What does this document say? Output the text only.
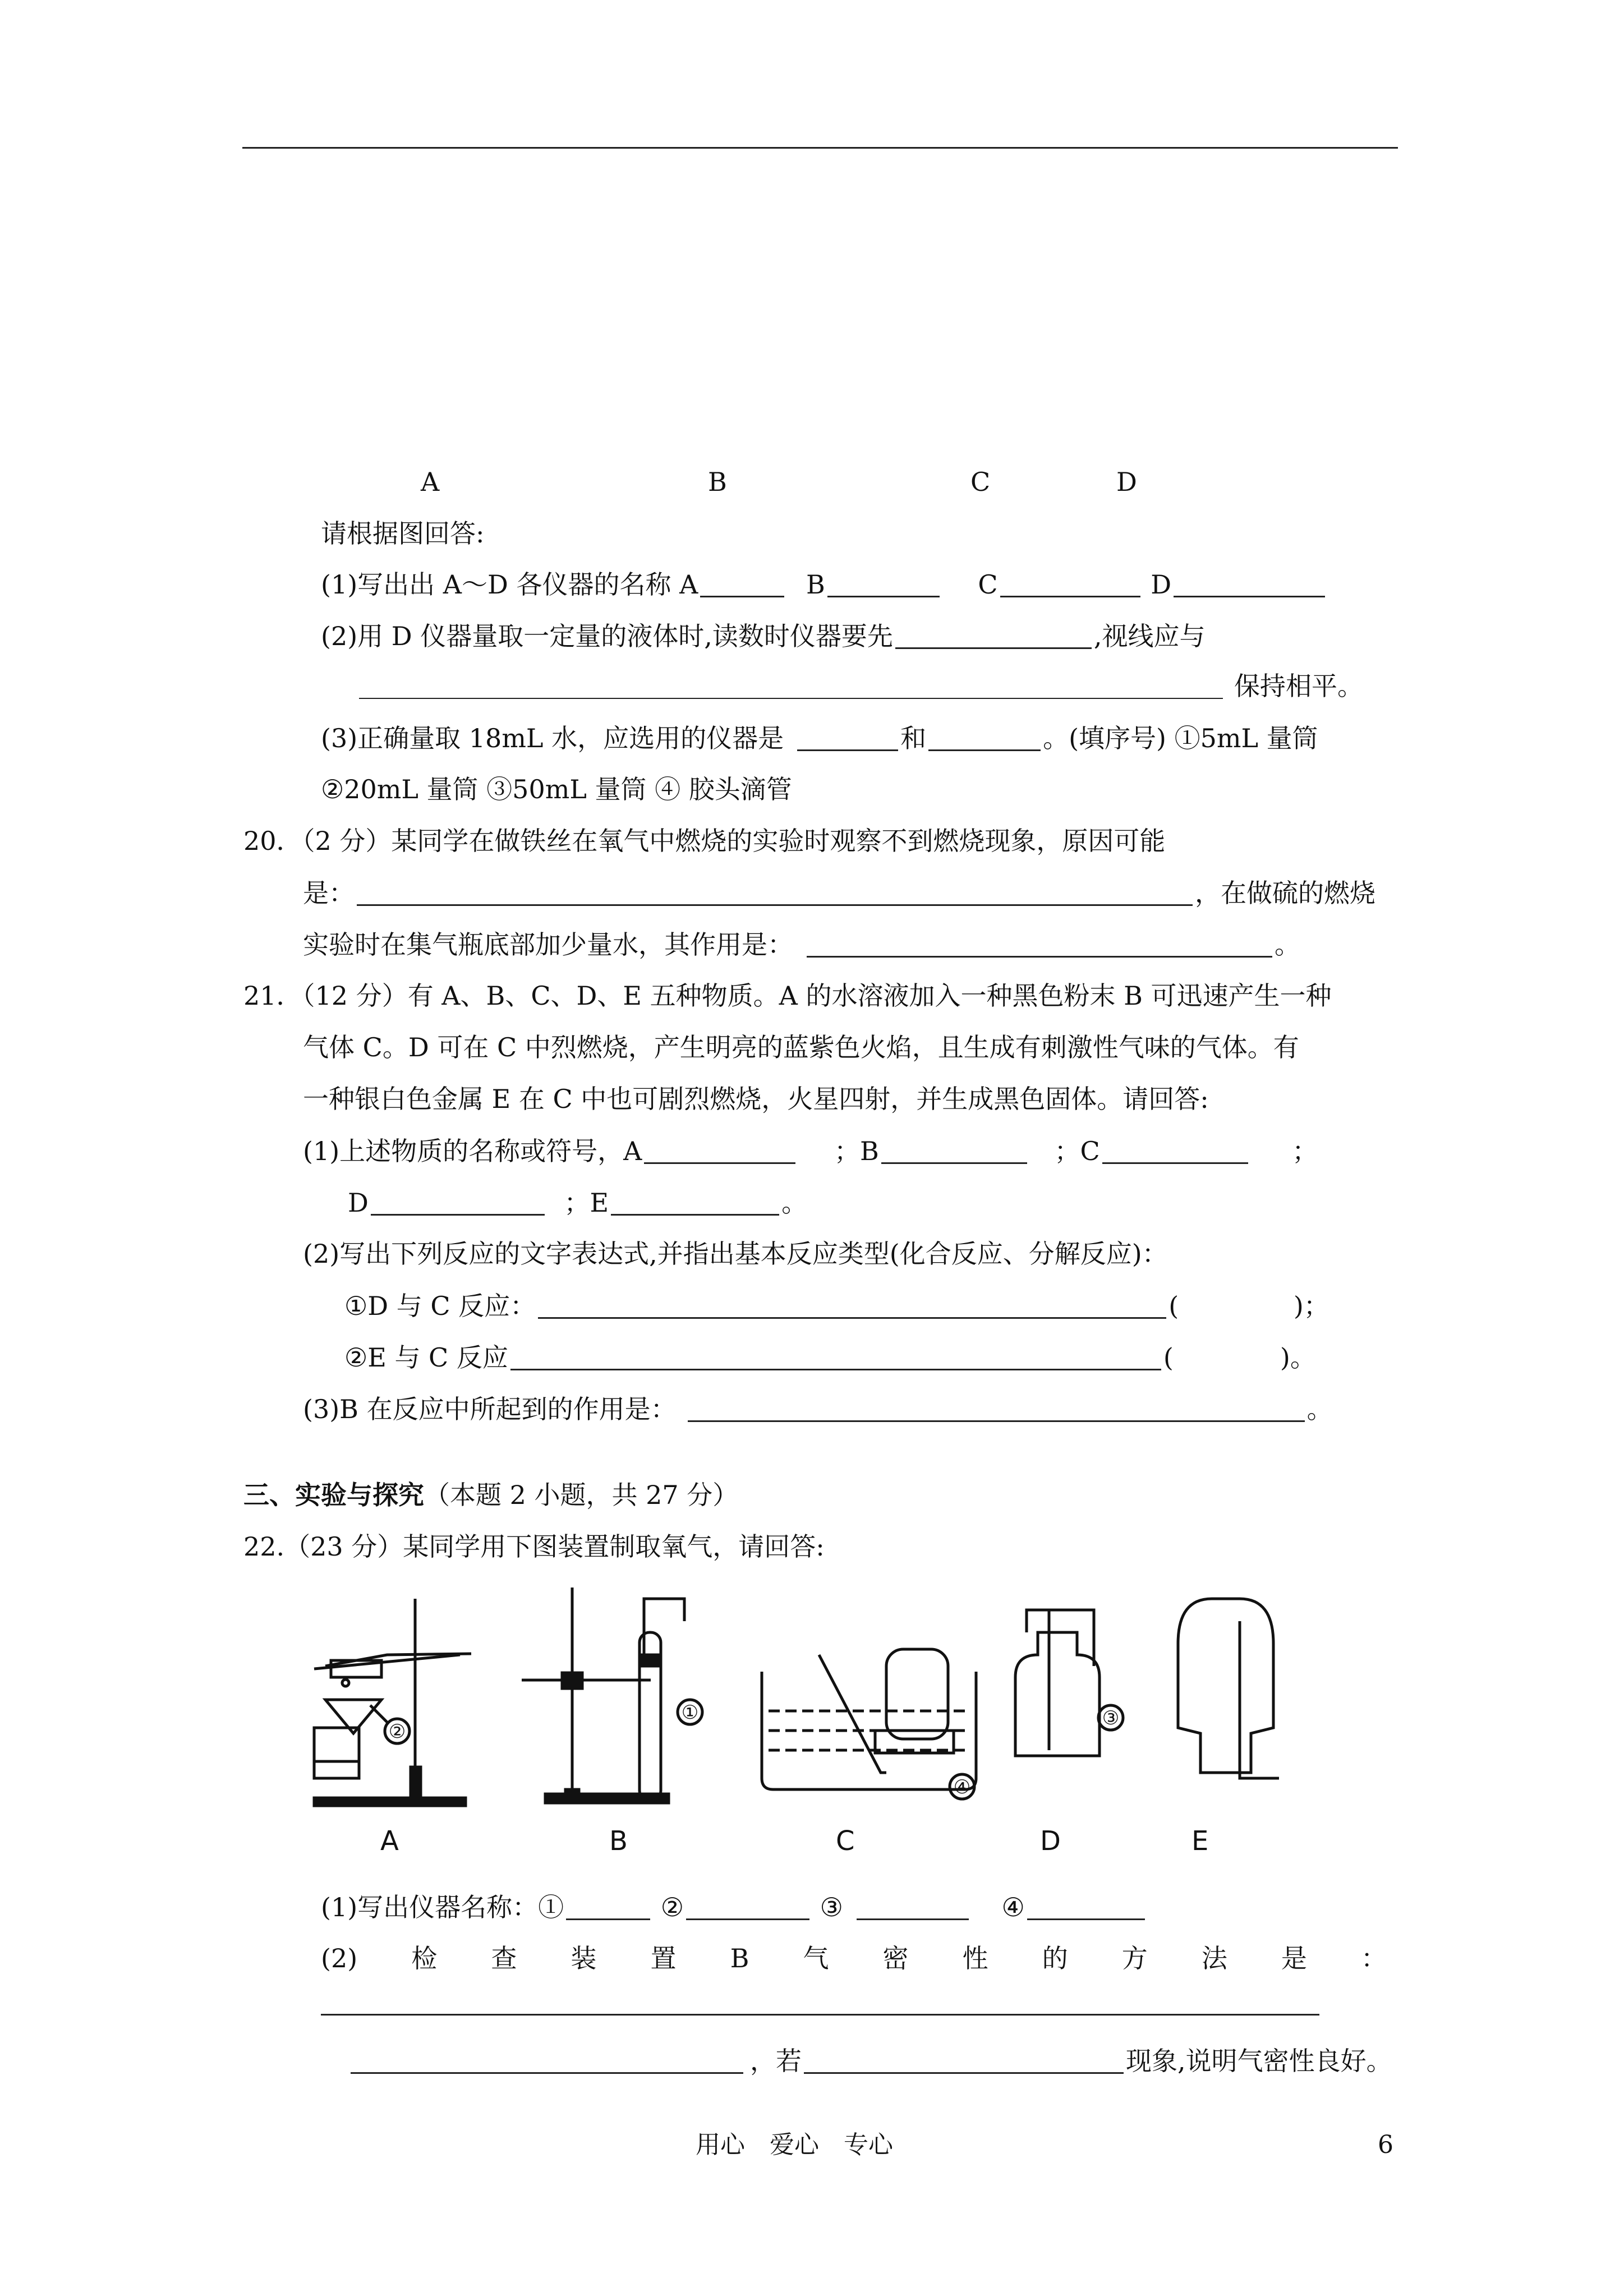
A	B	C	D
请根据图回答:
(1)写出出 A～D 各仪器的名称 A	B	C	D
(2)用 D 仪器量取一定量的液体时,读数时仪器要先	,视线应与
保持相平。
(3)正确量取 18mL 水，应选用的仪器是	和	。(填序号) ①5mL 量筒
②20mL 量筒 ③50mL 量筒 ④ 胶头滴管
20．（2 分）某同学在做铁丝在氧气中燃烧的实验时观察不到燃烧现象，原因可能
是：	，在做硫的燃烧
实验时在集气瓶底部加少量水，其作用是：	。
21．（12 分）有 A、B、C、D、E 五种物质。A 的水溶液加入一种黑色粉末 B 可迅速产生一种
气体 C。D 可在 C 中烈燃烧，产生明亮的蓝紫色火焰，且生成有刺激性气味的气体。有
一种银白色金属 E 在 C 中也可剧烈燃烧，火星四射，并生成黑色固体。请回答:
(1)上述物质的名称或符号，A	；B	；C	；
D	；E	。
(2)写出下列反应的文字表达式,并指出基本反应类型(化合反应、分解反应)：
①D 与 C 反应：	(              )；
②E 与 C 反应	(             )。
(3)B 在反应中所起到的作用是：	。
三、实验与探究（本题 2 小题，共 27 分）
22.（23 分）某同学用下图装置制取氧气，请回答:
②
①
④
③
A	B	C	D	E
(1)写出仪器名称：①	②	③	④
(2) 检 查 装 置 B 气 密 性 的 方 法 是 ：
，若	现象,说明气密性良好。
用心　爱心　专心	6
